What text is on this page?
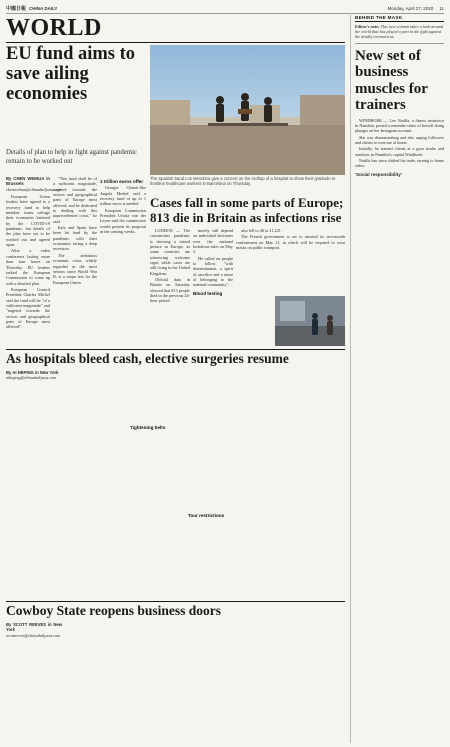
中國日報 CHINA DAILY	Monday, April 27, 2020 11
WORLD
EU fund aims to save ailing economies
Details of plan to help in fight against pandemic remain to be worked out
By CHEN WEIHUA in Brussels
chenweihua@chinadailyusa.com

European Union leaders have agreed to a recovery fund to help member states salvage their economies battered by the COVID-19 pandemic, but details of the plan have yet to be worked out and agreed upon.

After a video conference lasting more than four hours on Thursday, EU leaders tasked the European Commission to come up with a detailed plan.

European Council President Charles Michel said the fund will be "of a sufficient magnitude" and "targeted towards the sectors and geographical parts of Europe most affected".

"This fund shall be of a sufficient magnitude, targeted towards the sectors and geographical parts of Europe most affected, and be dedicated to dealing with this unprecedented crisis," he said.

Italy and Spain have been hit hard by the pandemic, with their economies facing a deep recession.

The ambitious economic crisis, widely regarded as the most serious since World War II, is a major test for the European Union.

1 trillion euros offer

Georgia Chanzi-like Angela Merkel said a recovery fund of up to 1 trillion euros is needed.

European Commission President Ursula von der Leyen said the commission would present its proposal in the coming weeks.

The Spanish band Los Mendoza give a concert on the rooftop of a hospital to show their gratitude to frontline healthcare workers in Barcelona on Thursday.
Cases fall in some parts of Europe; 813 die in Britain as infections rise

LONDON — The coronavirus pandemic is showing a mixed picture in Europe, as some countries are witnessing welcome signs while cases are still rising in the United Kingdom.

Official data in Britain on Saturday showed that 813 people died in the previous 24-hour period.

merely still depend on individual decisions over the national lockdown rules on May 3.

He called on people to follow "with determination, a spirit of sacrifice and a sense of belonging to the national community".

Blood testing

also fell to 40 to 21,221.

The French government is set to unwind its two-month confinement on May 11, in which will be required to wear masks on public transport.

As hospitals bleed cash, elective surgeries resume
By AI HEPING in New York
aiheping@chinadailyusa.com
Tightening belts
Tour restrictions
Cowboy State reopens business doors
By SCOTT REEVES in New York
scottreeves@chinadailyusa.com
BEHIND THE MASK
Editor's note: This new column takes a look around the world that has played a part in the fight against the deadly coronavirus.
New set of business muscles for trainers

WINDHOEK — Leo Natilla, a fitness instructor in Namibia, posted a reminder video of herself doing plunges on her Instagram account.

She was demonstrating and also urging followers and clients to exercise at home.

Initially, he trained clients at a gym studio and outdoors in Namibia's capital Windhoek.

Natilla has since shifted his trade, turning to home video.

'Social responsibility'
